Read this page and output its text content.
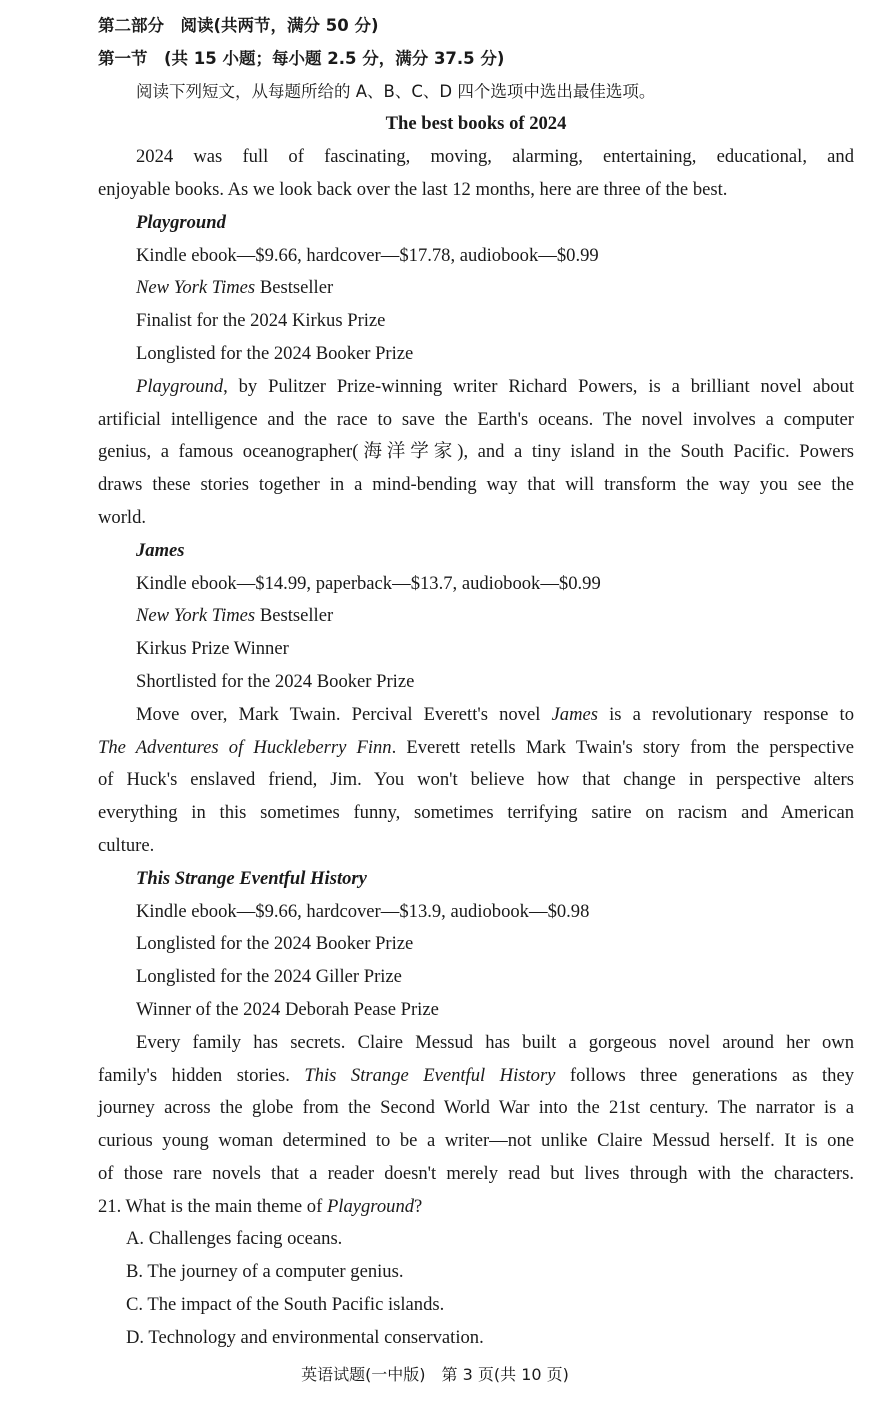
第二部分　阅读(共两节，满分 50 分)
第一节　(共 15 小题；每小题 2.5 分，满分 37.5 分)
阅读下列短文，从每题所给的 A、B、C、D 四个选项中选出最佳选项。
The best books of 2024
2024 was full of fascinating, moving, alarming, entertaining, educational, and
enjoyable books. As we look back over the last 12 months, here are three of the best.
Playground
Kindle ebook—$9.66, hardcover—$17.78, audiobook—$0.99
New York Times Bestseller
Finalist for the 2024 Kirkus Prize
Longlisted for the 2024 Booker Prize
Playground, by Pulitzer Prize-winning writer Richard Powers, is a brilliant novel about
artificial intelligence and the race to save the Earth's oceans. The novel involves a computer
genius, a famous oceanographer(海洋学家), and a tiny island in the South Pacific. Powers
draws these stories together in a mind-bending way that will transform the way you see the
world.
James
Kindle ebook—$14.99, paperback—$13.7, audiobook—$0.99
New York Times Bestseller
Kirkus Prize Winner
Shortlisted for the 2024 Booker Prize
Move over, Mark Twain. Percival Everett's novel James is a revolutionary response to
The Adventures of Huckleberry Finn. Everett retells Mark Twain's story from the perspective
of Huck's enslaved friend, Jim. You won't believe how that change in perspective alters
everything in this sometimes funny, sometimes terrifying satire on racism and American
culture.
This Strange Eventful History
Kindle ebook—$9.66, hardcover—$13.9, audiobook—$0.98
Longlisted for the 2024 Booker Prize
Longlisted for the 2024 Giller Prize
Winner of the 2024 Deborah Pease Prize
Every family has secrets. Claire Messud has built a gorgeous novel around her own
family's hidden stories. This Strange Eventful History follows three generations as they
journey across the globe from the Second World War into the 21st century. The narrator is a
curious young woman determined to be a writer—not unlike Claire Messud herself. It is one
of those rare novels that a reader doesn't merely read but lives through with the characters.
21. What is the main theme of Playground?
A. Challenges facing oceans.
B. The journey of a computer genius.
C. The impact of the South Pacific islands.
D. Technology and environmental conservation.
英语试题(一中版)　第 3 页(共 10 页)
